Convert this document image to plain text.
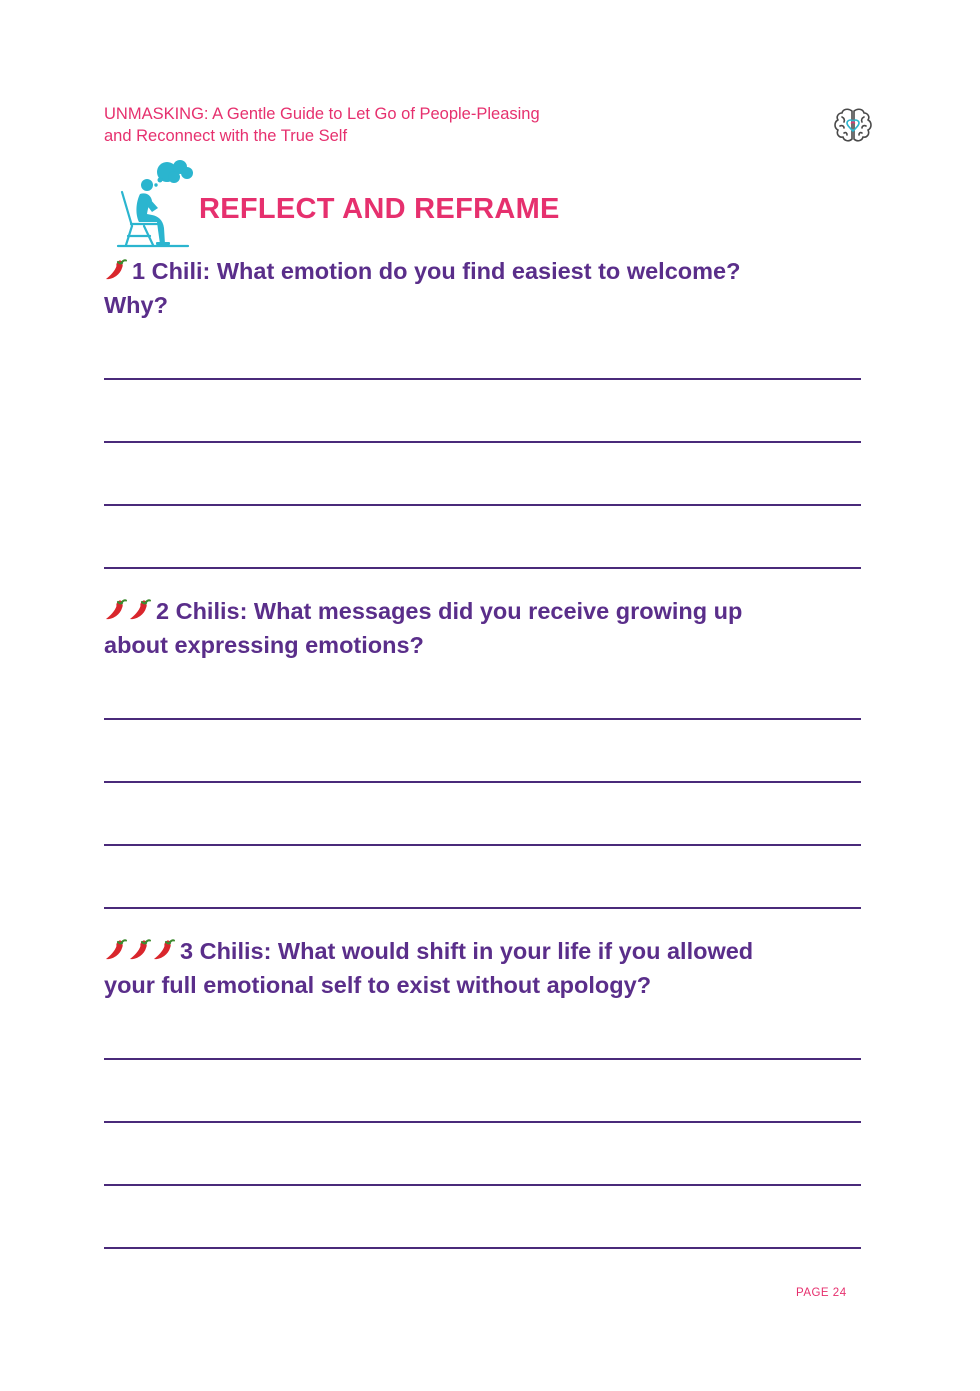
UNMASKING: A Gentle Guide to Let Go of People-Pleasing
and Reconnect with the True Self
REFLECT AND REFRAME
1 Chili: What emotion do you find easiest to welcome?
Why?
2 Chilis: What messages did you receive growing up
about expressing emotions?
3 Chilis: What would shift in your life if you allowed
your full emotional self to exist without apology?
PAGE 24
